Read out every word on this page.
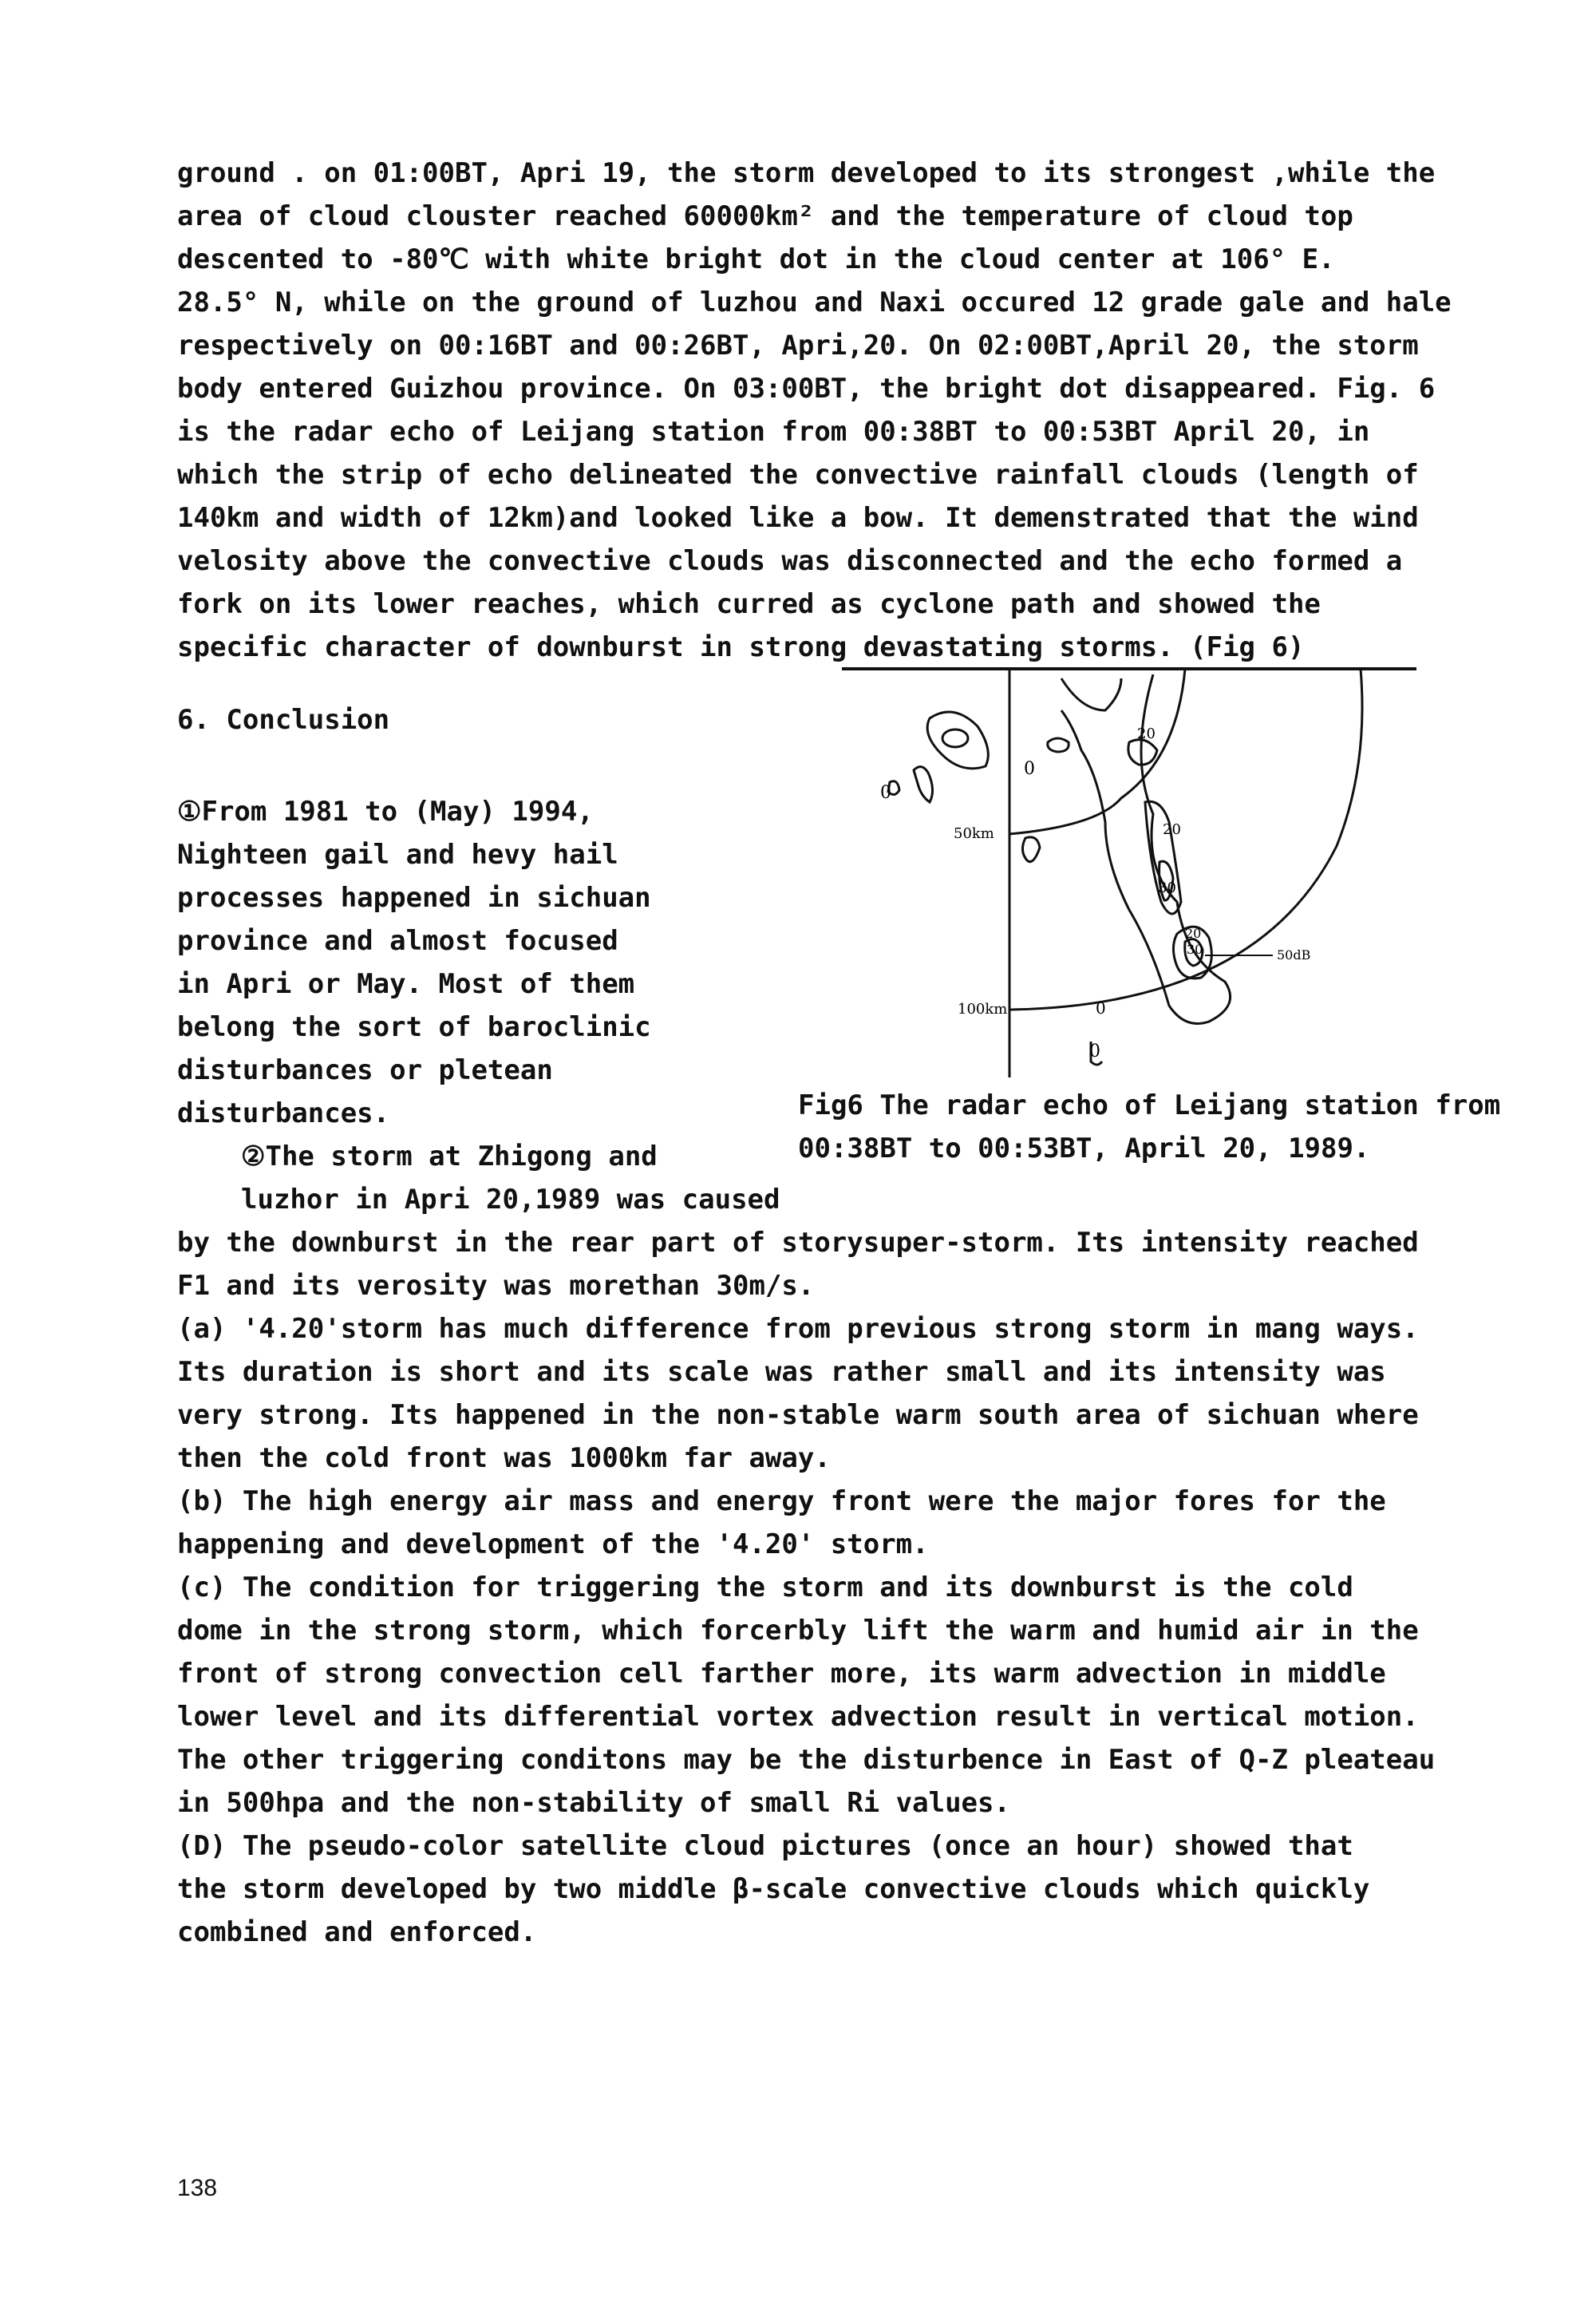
ground . on 01:00BT, Apri 19, the storm developed to its strongest ,while the
area of cloud clouster reached 60000km² and the temperature of cloud top
descented to -80℃ with white bright dot in the cloud center at 106° E.
28.5° N, while on the ground of luzhou and Naxi occured 12 grade gale and hale
respectively on 00:16BT and 00:26BT, Apri,20. On 02:00BT,April 20, the storm
body entered Guizhou province. On 03:00BT, the bright dot disappeared. Fig. 6
is the radar echo of Leijang station from 00:38BT to 00:53BT April 20, in
which the strip of echo delineated the convective rainfall clouds (length of
140km and width of 12km)and looked like a bow. It demenstrated that the wind
velosity above the convective clouds was disconnected and the echo formed a
fork on its lower reaches, which curred as cyclone path and showed the
specific character of downburst in strong devastating storms. (Fig 6)
6. Conclusion
①From 1981 to (May) 1994,
Nighteen gail and hevy hail
processes happened in sichuan
province and almost focused
in Apri or May. Most of them
belong the sort of baroclinic
disturbances or pletean
disturbances.
②The storm at Zhigong and
luzhor in Apri 20,1989 was caused
by the downburst in the rear part of storysuper-storm. Its intensity reached
F1 and its verosity was morethan 30m/s.
(a) '4.20'storm has much difference from previous strong storm in mang ways.
Its duration is short and its scale was rather small and its intensity was
very strong. Its happened in the non-stable warm south area of sichuan where
then the cold front was 1000km far away.
(b) The high energy air mass and energy front were the major fores for the
happening and development of the '4.20' storm.
(c) The condition for triggering the storm and its downburst is the cold
dome in the strong storm, which forcerbly lift the warm and humid air in the
front of strong convection cell farther more, its warm advection in middle
lower level and its differential vortex advection result in vertical motion.
The other triggering conditons may be the disturbence in East of Q-Z pleateau
in 500hpa and the non-stability of small Ri values.
(D) The pseudo-color satellite cloud pictures (once an hour) showed that
the storm developed by two middle β-scale convective clouds which quickly
combined and enforced.
50km
100km
50dB
0
0
20
20
30
20
30
0
0
Fig6 The radar echo of Leijang station from
00:38BT to 00:53BT, April 20, 1989.
138
